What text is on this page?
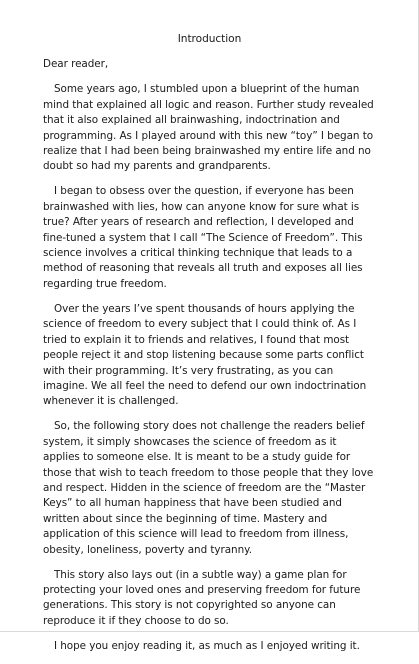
Introduction

Dear reader,

Some years ago, I stumbled upon a blueprint of the human mind that explained all logic and reason. Further study revealed that it also explained all brainwashing, indoctrination and programming. As I played around with this new “toy” I began to realize that I had been being brainwashed my entire life and no doubt so had my parents and grandparents.

I began to obsess over the question, if everyone has been brainwashed with lies, how can anyone know for sure what is true? After years of research and reflection, I developed and fine-tuned a system that I call “The Science of Freedom”. This science involves a critical thinking technique that leads to a method of reasoning that reveals all truth and exposes all lies regarding true freedom.

Over the years I’ve spent thousands of hours applying the science of freedom to every subject that I could think of. As I tried to explain it to friends and relatives, I found that most people reject it and stop listening because some parts conflict with their programming. It’s very frustrating, as you can imagine. We all feel the need to defend our own indoctrination whenever it is challenged.

So, the following story does not challenge the readers belief system, it simply showcases the science of freedom as it applies to someone else. It is meant to be a study guide for those that wish to teach freedom to those people that they love and respect. Hidden in the science of freedom are the “Master Keys” to all human happiness that have been studied and written about since the beginning of time. Mastery and application of this science will lead to freedom from illness, obesity, loneliness, poverty and tyranny.

This story also lays out (in a subtle way) a game plan for protecting your loved ones and preserving freedom for future generations. This story is not copyrighted so anyone can reproduce it if they choose to do so.

I hope you enjoy reading it, as much as I enjoyed writing it.
